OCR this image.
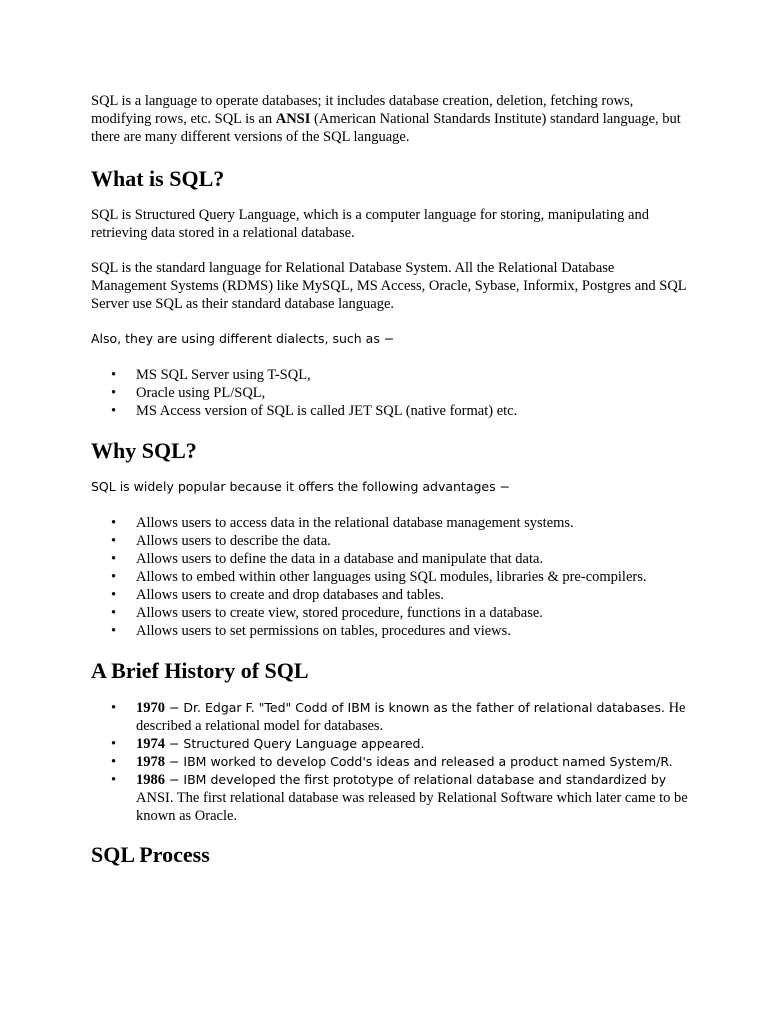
SQL is a language to operate databases; it includes database creation, deletion, fetching rows, modifying rows, etc. SQL is an ANSI (American National Standards Institute) standard language, but there are many different versions of the SQL language.

What is SQL?

SQL is Structured Query Language, which is a computer language for storing, manipulating and retrieving data stored in a relational database.

SQL is the standard language for Relational Database System. All the Relational Database Management Systems (RDMS) like MySQL, MS Access, Oracle, Sybase, Informix, Postgres and SQL Server use SQL as their standard database language.

Also, they are using different dialects, such as −

• MS SQL Server using T-SQL,
• Oracle using PL/SQL,
• MS Access version of SQL is called JET SQL (native format) etc.
Why SQL?

SQL is widely popular because it offers the following advantages −

• Allows users to access data in the relational database management systems.
• Allows users to describe the data.
• Allows users to define the data in a database and manipulate that data.
• Allows to embed within other languages using SQL modules, libraries & pre-compilers.
• Allows users to create and drop databases and tables.
• Allows users to create view, stored procedure, functions in a database.
• Allows users to set permissions on tables, procedures and views.
A Brief History of SQL
• 1970 − Dr. Edgar F. "Ted" Codd of IBM is known as the father of relational databases. He described a relational model for databases.
• 1974 − Structured Query Language appeared.
• 1978 − IBM worked to develop Codd's ideas and released a product named System/R.
• 1986 − IBM developed the first prototype of relational database and standardized by ANSI. The first relational database was released by Relational Software which later came to be known as Oracle.
SQL Process
